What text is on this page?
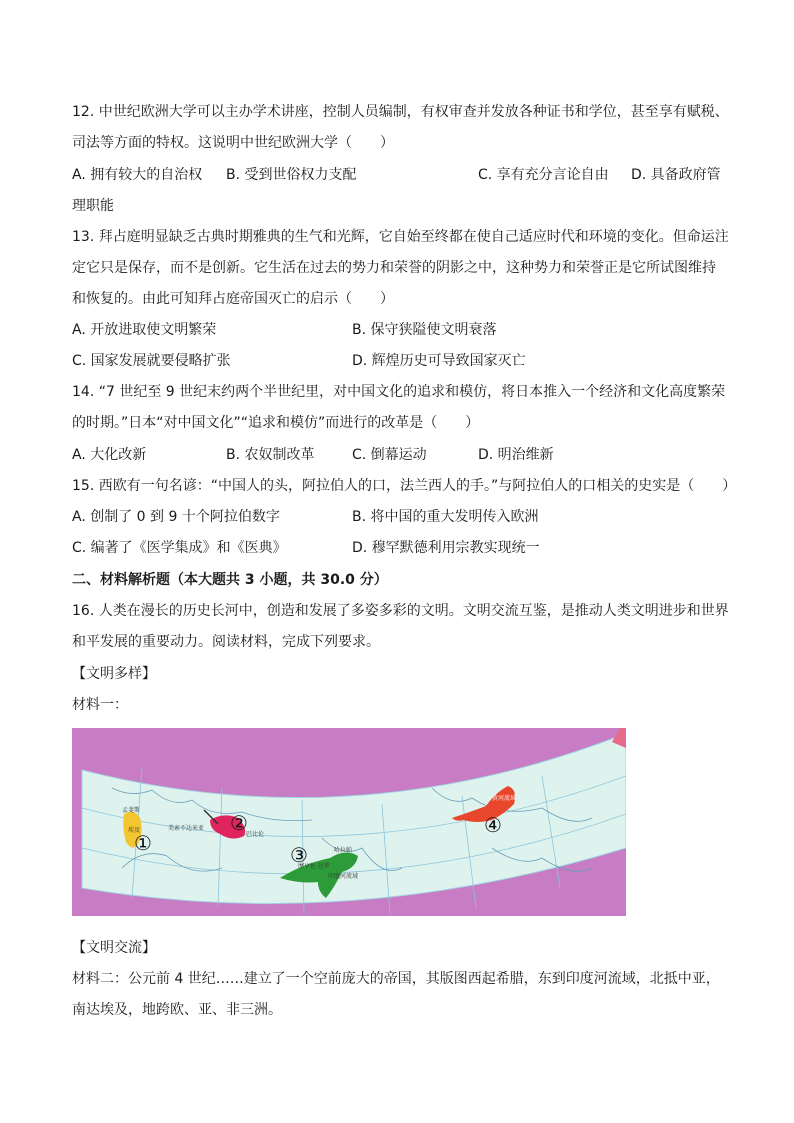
12. 中世纪欧洲大学可以主办学术讲座，控制人员编制，有权审查并发放各种证书和学位，甚至享有赋税、
司法等方面的特权。这说明中世纪欧洲大学（　　）
A. 拥有较大的自治权 B. 受到世俗权力支配	C. 享有充分言论自由 D. 具备政府管
理职能
13. 拜占庭明显缺乏古典时期雅典的生气和光辉，它自始至终都在使自己适应时代和环境的变化。但命运注
定它只是保存，而不是创新。它生活在过去的势力和荣誉的阴影之中，这种势力和荣誉正是它所试图维持
和恢复的。由此可知拜占庭帝国灭亡的启示（　　）
A. 开放进取使文明繁荣	B. 保守狭隘使文明衰落
C. 国家发展就要侵略扩张	D. 辉煌历史可导致国家灭亡
14. “7 世纪至 9 世纪末约两个半世纪里，对中国文化的追求和模仿，将日本推入一个经济和文化高度繁荣
的时期。”日本“对中国文化”“追求和模仿”而进行的改革是（　　）
A. 大化改新	B. 农奴制改革	C. 倒幕运动	D. 明治维新
15. 西欧有一句名谚：“中国人的头，阿拉伯人的口，法兰西人的手。”与阿拉伯人的口相关的史实是（　　）
A. 创制了 0 到 9 十个阿拉伯数字	B. 将中国的重大发明传入欧洲
C. 编著了《医学集成》和《医典》	D. 穆罕默德利用宗教实现统一
二、材料解析题（本大题共 3 小题，共 30.0 分）
16. 人类在漫长的历史长河中，创造和发展了多姿多彩的文明。文明交流互鉴，是推动人类文明进步和世界
和平发展的重要动力。阅读材料，完成下列要求。
【文明多样】
材料一：
孟斐斯
埃及	美索不达米亚
巴比伦
哈拉帕
摩亨佐·达罗
印度河流域
黄河流域
①
②
③
④
【文明交流】
材料二：公元前 4 世纪……建立了一个空前庞大的帝国，其版图西起希腊，东到印度河流域，北抵中亚，
南达埃及，地跨欧、亚、非三洲。
